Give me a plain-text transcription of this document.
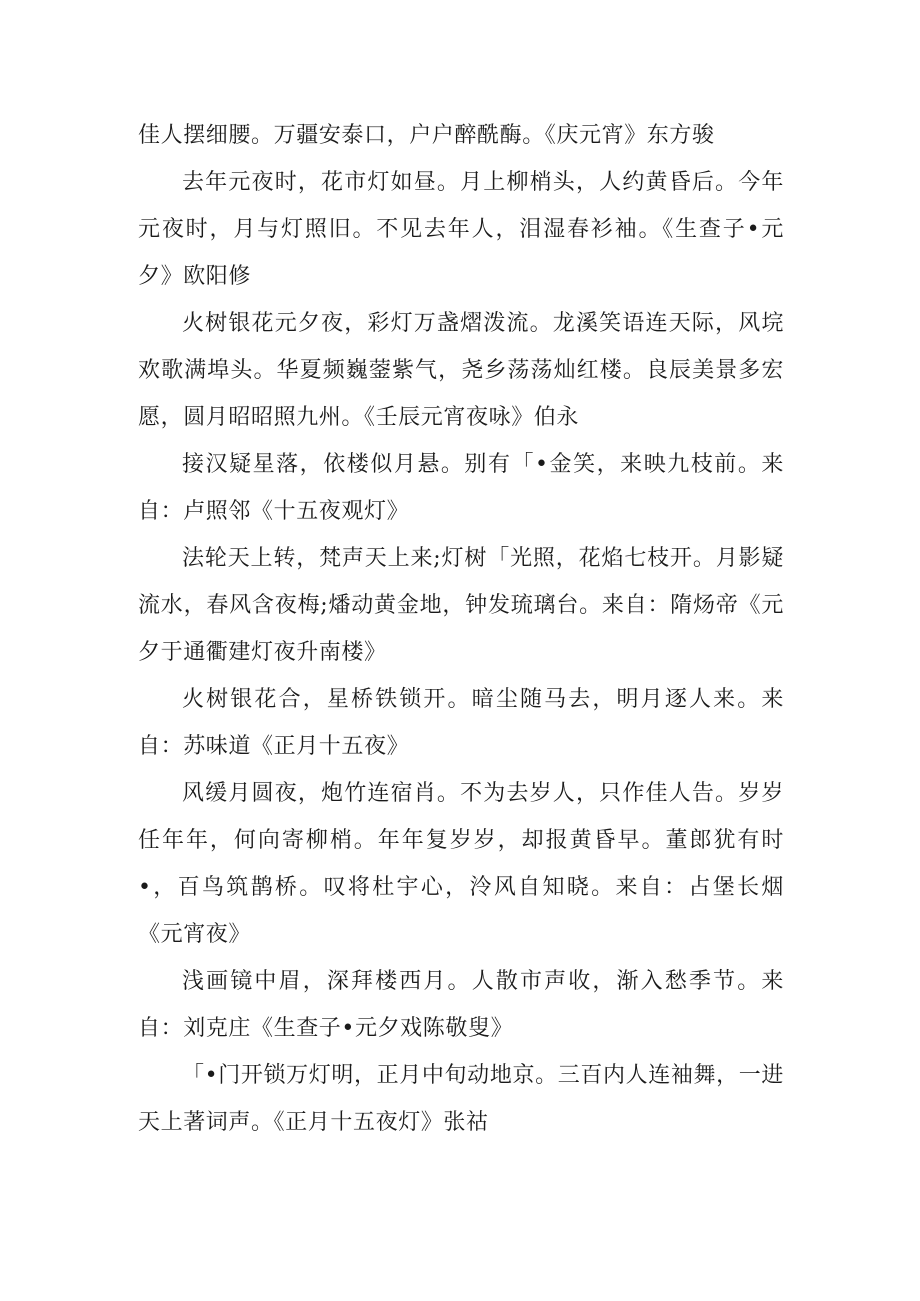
佳人摆细腰。万疆安泰口，户户醉酰酶。《庆元宵》东方骏

去年元夜时，花市灯如昼。月上柳梢头，人约黄昏后。今年元夜时，月与灯照旧。不见去年人，泪湿春衫袖。《生查子•元夕》欧阳修

火树银花元夕夜，彩灯万盏熠泼流。龙溪笑语连天际，风垸欢歌满埠头。华夏频巍蓥紫气，尧乡荡荡灿红楼。良辰美景多宏愿，圆月昭昭照九州。《壬辰元宵夜咏》伯永

接汉疑星落，依楼似月悬。别有「•金笑，来映九枝前。来自：卢照邻《十五夜观灯》

法轮天上转，梵声天上来;灯树「光照，花焰七枝开。月影疑流水，春风含夜梅;燔动黄金地，钟发琉璃台。来自：隋炀帝《元夕于通衢建灯夜升南楼》

火树银花合，星桥铁锁开。暗尘随马去，明月逐人来。来自：苏味道《正月十五夜》

风缓月圆夜，炮竹连宿肖。不为去岁人，只作佳人告。岁岁任年年，何向寄柳梢。年年复岁岁，却报黄昏早。董郎犹有时•，百鸟筑鹊桥。叹将杜宇心，泠风自知晓。来自：占堡长烟《元宵夜》

浅画镜中眉，深拜楼西月。人散市声收，渐入愁季节。来自：刘克庄《生查子•元夕戏陈敬叟》

「•门开锁万灯明，正月中旬动地京。三百内人连袖舞，一进天上著词声。《正月十五夜灯》张祜
